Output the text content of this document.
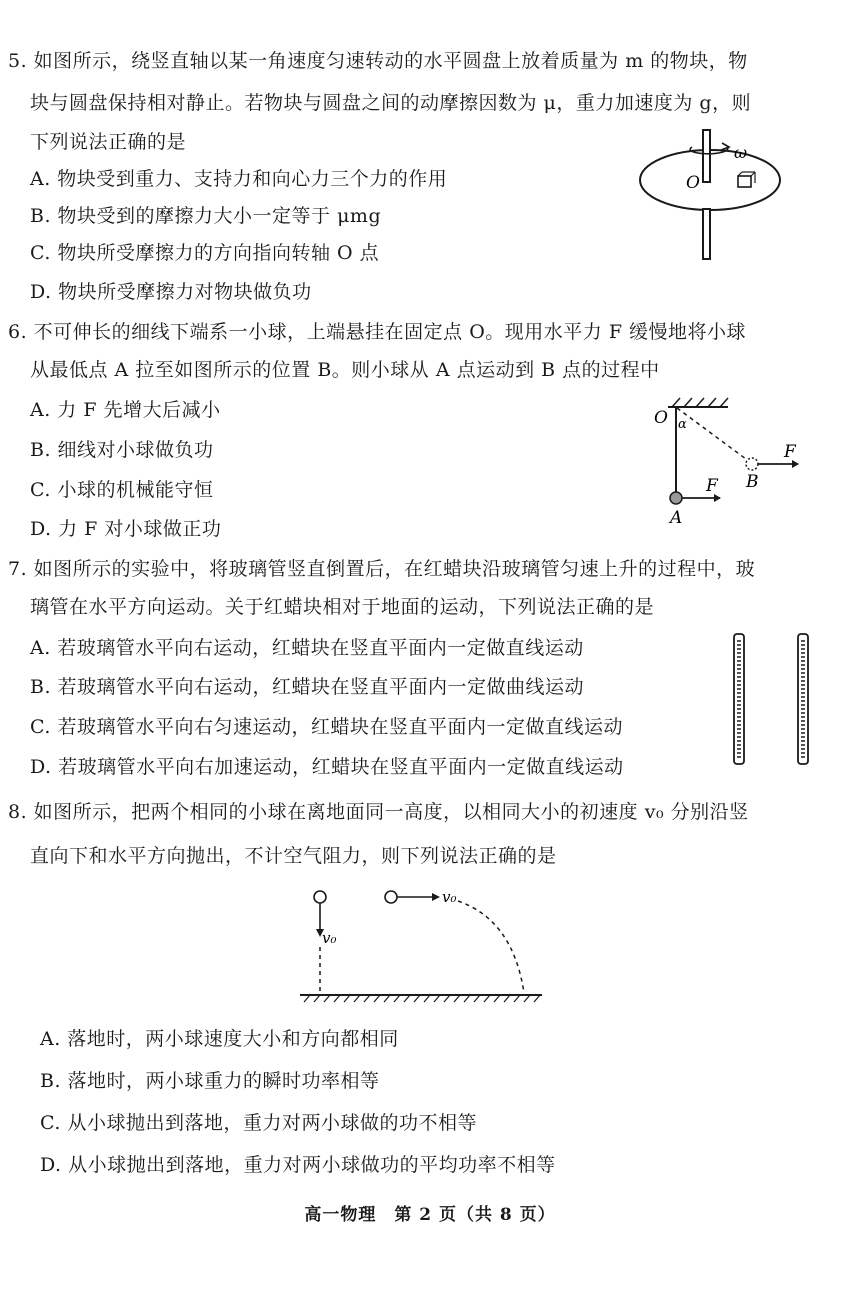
5. 如图所示，绕竖直轴以某一角速度匀速转动的水平圆盘上放着质量为 m 的物块，物
块与圆盘保持相对静止。若物块与圆盘之间的动摩擦因数为 μ，重力加速度为 g，则
下列说法正确的是
A. 物块受到重力、支持力和向心力三个力的作用
B. 物块受到的摩擦力大小一定等于 μmg
C. 物块所受摩擦力的方向指向转轴 O 点
D. 物块所受摩擦力对物块做负功
ω
O
6. 不可伸长的细线下端系一小球，上端悬挂在固定点 O。现用水平力 F 缓慢地将小球
从最低点 A 拉至如图所示的位置 B。则小球从 A 点运动到 B 点的过程中
A. 力 F 先增大后减小
B. 细线对小球做负功
C. 小球的机械能守恒
D. 力 F 对小球做正功
O α
F
A
F
B
7. 如图所示的实验中，将玻璃管竖直倒置后，在红蜡块沿玻璃管匀速上升的过程中，玻
璃管在水平方向运动。关于红蜡块相对于地面的运动，下列说法正确的是
A. 若玻璃管水平向右运动，红蜡块在竖直平面内一定做直线运动
B. 若玻璃管水平向右运动，红蜡块在竖直平面内一定做曲线运动
C. 若玻璃管水平向右匀速运动，红蜡块在竖直平面内一定做直线运动
D. 若玻璃管水平向右加速运动，红蜡块在竖直平面内一定做直线运动
8. 如图所示，把两个相同的小球在离地面同一高度，以相同大小的初速度 v₀ 分别沿竖
直向下和水平方向抛出，不计空气阻力，则下列说法正确的是
v₀
v₀
A. 落地时，两小球速度大小和方向都相同
B. 落地时，两小球重力的瞬时功率相等
C. 从小球抛出到落地，重力对两小球做的功不相等
D. 从小球抛出到落地，重力对两小球做功的平均功率不相等
高一物理　第 2 页（共 8 页）
